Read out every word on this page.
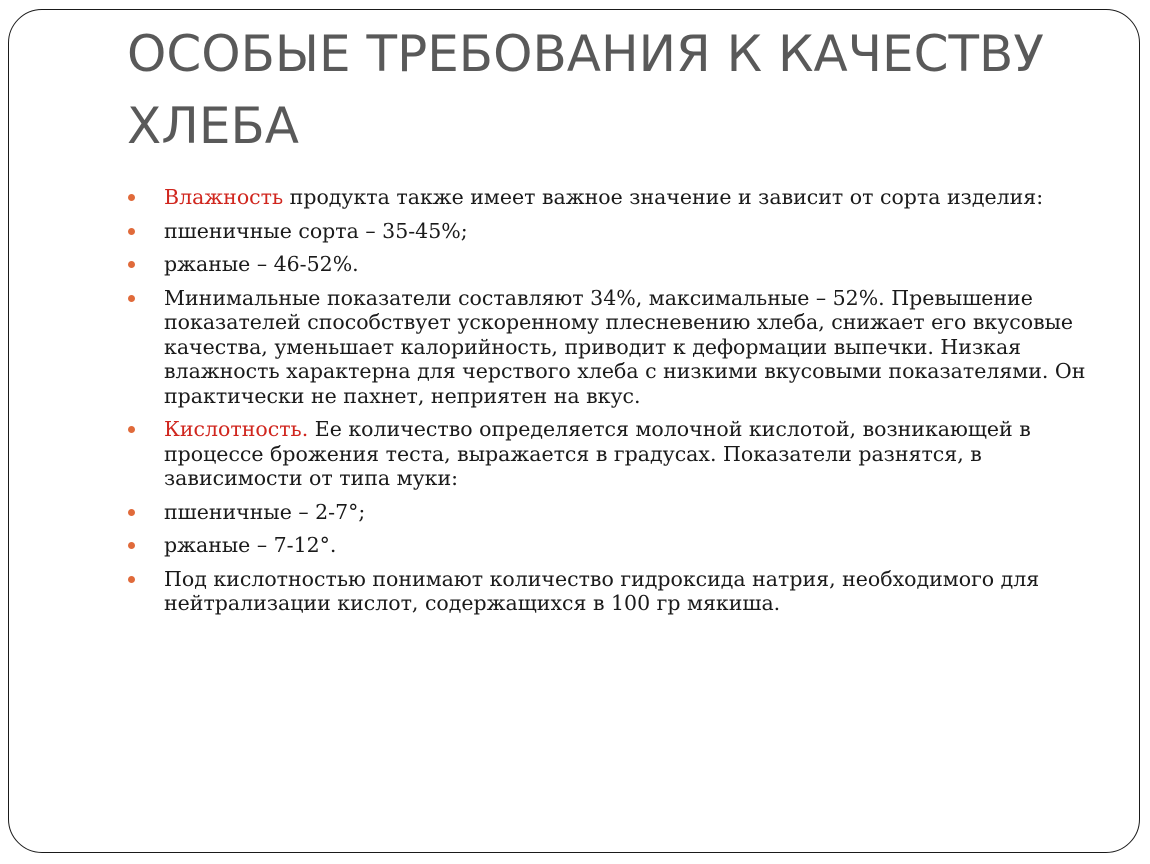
ОСОБЫЕ ТРЕБОВАНИЯ К КАЧЕСТВУ ХЛЕБА
Влажность продукта также имеет важное значение и зависит от сорта изделия:
пшеничные сорта – 35-45%;
ржаные – 46-52%.
Минимальные показатели составляют 34%, максимальные – 52%. Превышение показателей способствует ускоренному плесневению хлеба, снижает его вкусовые качества, уменьшает калорийность, приводит к деформации выпечки. Низкая влажность характерна для черствого хлеба с низкими вкусовыми показателями. Он практически не пахнет, неприятен на вкус.
Кислотность. Ее количество определяется молочной кислотой, возникающей в процессе брожения теста, выражается в градусах. Показатели разнятся, в зависимости от типа муки:
пшеничные – 2-7°;
ржаные – 7-12°.
Под кислотностью понимают количество гидроксида натрия, необходимого для нейтрализации кислот, содержащихся в 100 гр мякиша.
